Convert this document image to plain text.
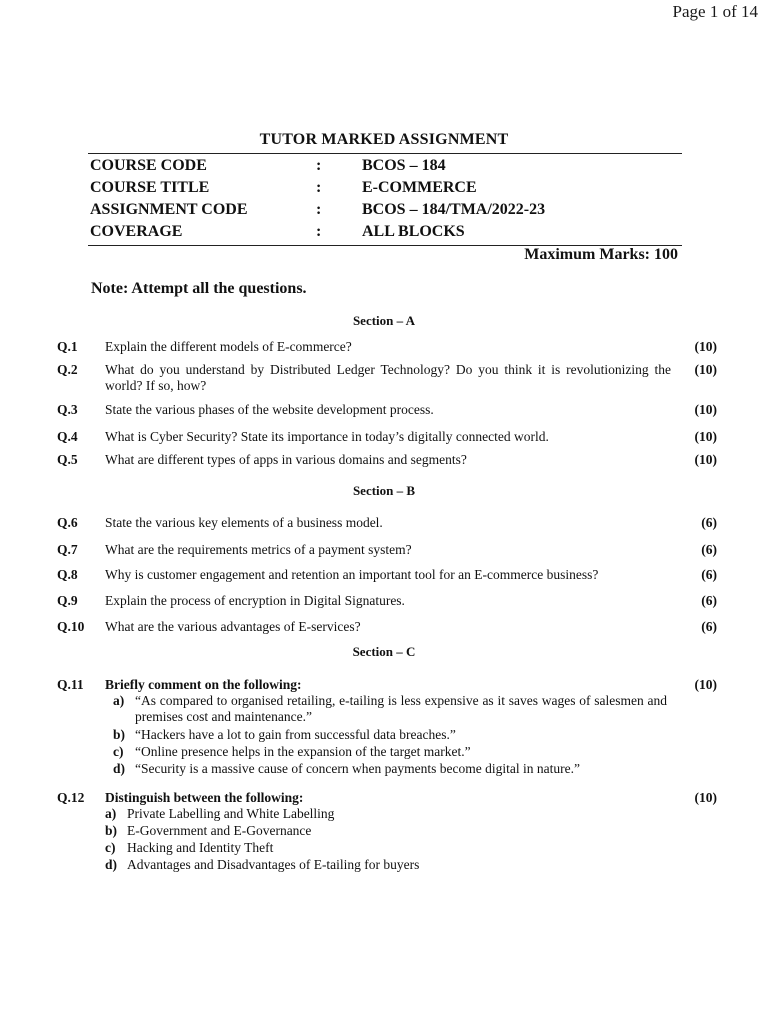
Page 1 of 14
TUTOR MARKED ASSIGNMENT
COURSE CODE	:	BCOS – 184
COURSE TITLE	:	E-COMMERCE
ASSIGNMENT CODE	:	BCOS – 184/TMA/2022-23
COVERAGE	:	ALL BLOCKS
Maximum Marks: 100
Note: Attempt all the questions.
Section – A
Q.1 Explain the different models of E-commerce?	(10)
Q.2 What do you understand by Distributed Ledger Technology? Do you think it is revolutionizing the world? If so, how?
(10)
Q.3 State the various phases of the website development process.	(10)
Q.4 What is Cyber Security? State its importance in today’s digitally connected world.	(10)
Q.5 What are different types of apps in various domains and segments?	(10)
Section – B
Q.6 State the various key elements of a business model.	(6)
Q.7 What are the requirements metrics of a payment system?	(6)
Q.8 Why is customer engagement and retention an important tool for an E-commerce business?	(6)
Q.9 Explain the process of encryption in Digital Signatures.	(6)
Q.10 What are the various advantages of E-services?	(6)
Section – C
Q.11 Briefly comment on the following:	(10)
a) “As compared to organised retailing, e-tailing is less expensive as it saves wages of salesmen and premises cost and maintenance.”
b) “Hackers have a lot to gain from successful data breaches.”
c) “Online presence helps in the expansion of the target market.”
d) “Security is a massive cause of concern when payments become digital in nature.”
Q.12 Distinguish between the following:	(10)
a) Private Labelling and White Labelling
b) E-Government and E-Governance
c) Hacking and Identity Theft
d) Advantages and Disadvantages of E-tailing for buyers
